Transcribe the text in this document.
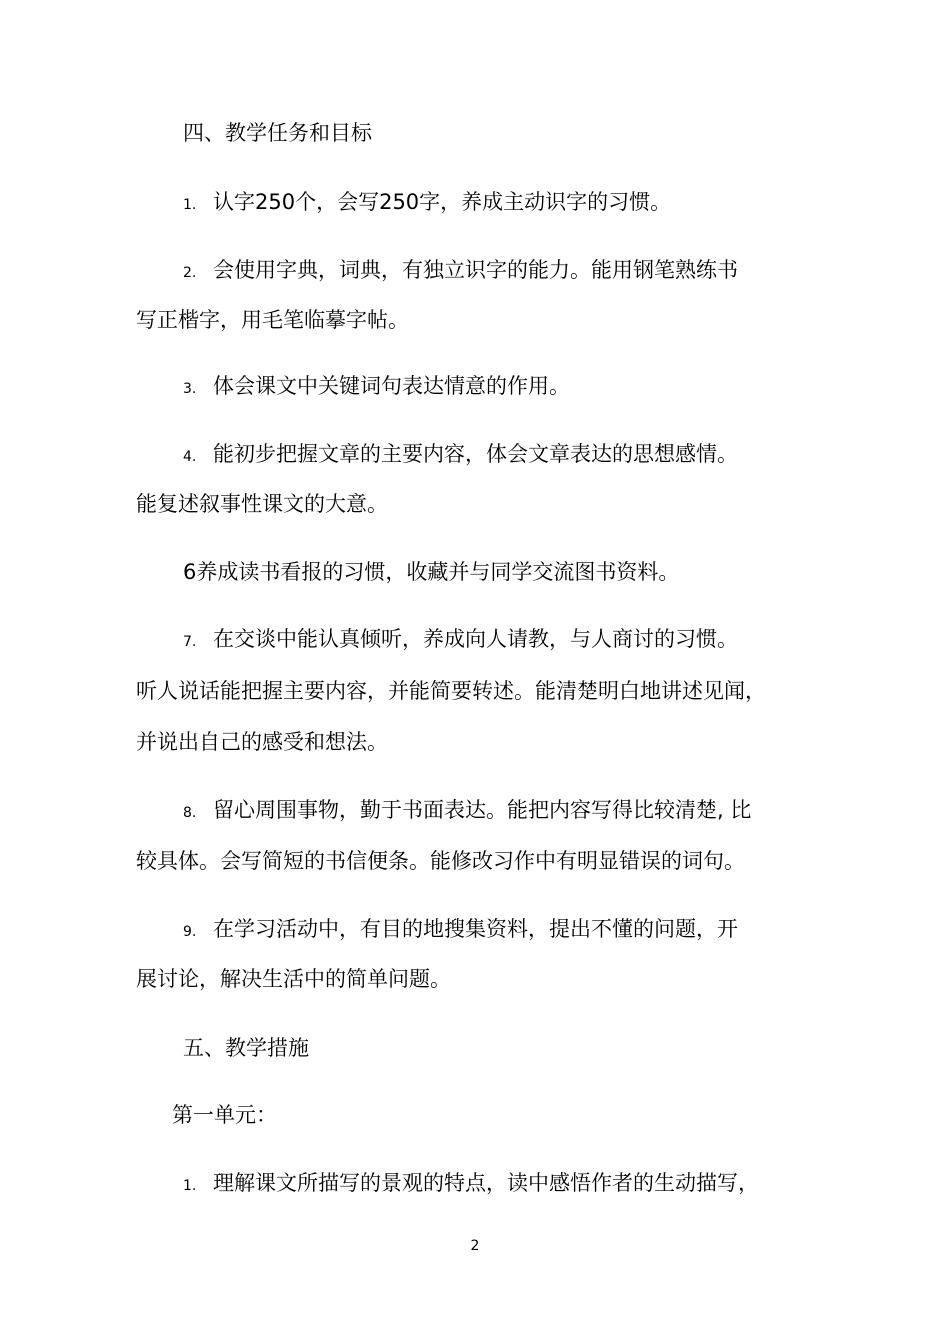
四、教学任务和目标
1. 认字250个，会写250字，养成主动识字的习惯。
2. 会使用字典，词典，有独立识字的能力。能用钢笔熟练书
写正楷字，用毛笔临摹字帖。
3. 体会课文中关键词句表达情意的作用。
4. 能初步把握文章的主要内容，体会文章表达的思想感情。
能复述叙事性课文的大意。
6养成读书看报的习惯，收藏并与同学交流图书资料。
7. 在交谈中能认真倾听，养成向人请教，与人商讨的习惯。
听人说话能把握主要内容，并能简要转述。能清楚明白地讲述见闻，
并说出自己的感受和想法。
8. 留心周围事物，勤于书面表达。能把内容写得比较清楚, 比
较具体。会写简短的书信便条。能修改习作中有明显错误的词句。
9. 在学习活动中，有目的地搜集资料，提出不懂的问题，开
展讨论，解决生活中的简单问题。
五、教学措施
第一单元：
1. 理解课文所描写的景观的特点，读中感悟作者的生动描写，
2
